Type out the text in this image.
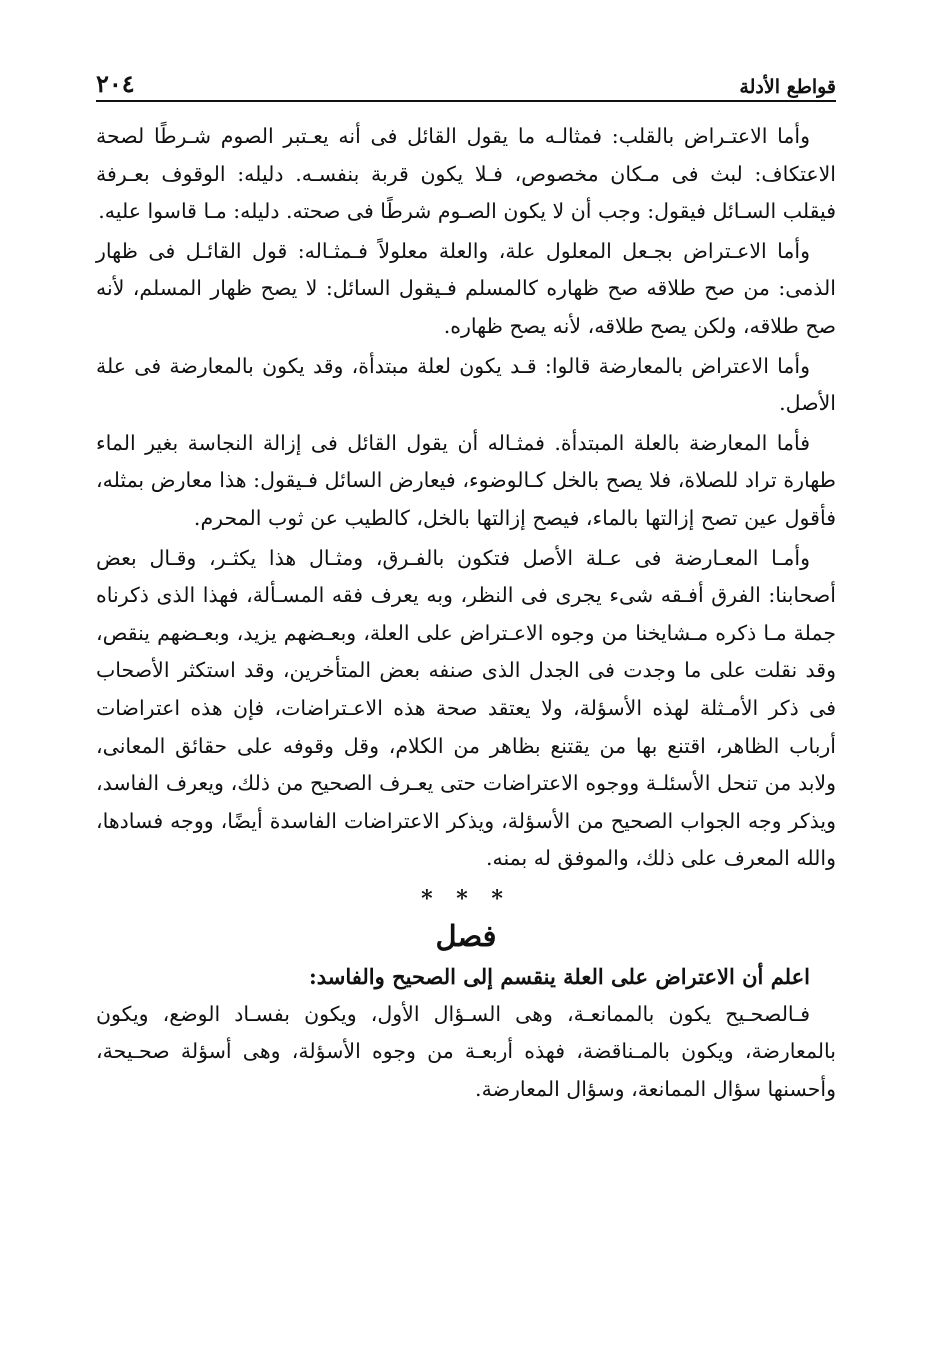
قواطع الأدلة
٢٠٤

وأما الاعتـراض بالقلب: فمثالـه ما يقول القائل فى أنه يعـتبر الصوم شـرطًا لصحة الاعتكاف: لبث فى مـكان مخصوص، فـلا يكون قربة بنفسـه. دليله: الوقوف بعـرفة فيقلب السـائل فيقول: وجب أن لا يكون الصـوم شرطًا فى صحته. دليله: مـا قاسوا عليه.

وأما الاعـتراض بجـعل المعلول علة، والعلة معلولاً فـمثـاله: قول القائـل فى ظهار الذمى: من صح طلاقه صح ظهاره كالمسلم فـيقول السائل: لا يصح ظهار المسلم، لأنه صح طلاقه، ولكن يصح طلاقه، لأنه يصح ظهاره.

وأما الاعتراض بالمعارضة قالوا: قـد يكون لعلة مبتدأة، وقد يكون بالمعارضة فى علة الأصل.

فأما المعارضة بالعلة المبتدأة. فمثـاله أن يقول القائل فى إزالة النجاسة بغير الماء طهارة تراد للصلاة، فلا يصح بالخل كـالوضوء، فيعارض السائل فـيقول: هذا معارض بمثله، فأقول عين تصح إزالتها بالماء، فيصح إزالتها بالخل، كالطيب عن ثوب المحرم.

وأمـا المعـارضة فى عـلة الأصل فتكون بالفـرق، ومثـال هذا يكثـر، وقـال بعض أصحابنا: الفرق أفـقه شىء يجرى فى النظر، وبه يعرف فقه المسـألة، فهذا الذى ذكرناه جملة مـا ذكره مـشايخنا من وجوه الاعـتراض على العلة، وبعـضهم يزيد، وبعـضهم ينقص، وقد نقلت على ما وجدت فى الجدل الذى صنفه بعض المتأخرين، وقد استكثر الأصحاب فى ذكر الأمـثلة لهذه الأسؤلة، ولا يعتقد صحة هذه الاعـتراضات، فإن هذه اعتراضات أرباب الظاهر، اقتنع بها من يقتنع بظاهر من الكلام، وقل وقوفه على حقائق المعانى، ولابد من تنحل الأسئلـة ووجوه الاعتراضات حتى يعـرف الصحيح من ذلك، ويعرف الفاسد، ويذكر وجه الجواب الصحيح من الأسؤلة، ويذكر الاعتراضات الفاسدة أيضًا، ووجه فسادها، والله المعرف على ذلك، والموفق له بمنه.

* * *
فصل
اعلم أن الاعتراض على العلة ينقسم إلى الصحيح والفاسد:

فـالصحـيح يكون بالممانعـة، وهى السـؤال الأول، ويكون بفسـاد الوضع، ويكون بالمعارضة، ويكون بالمـناقضة، فهذه أربعـة من وجوه الأسؤلة، وهى أسؤلة صحـيحة، وأحسنها سؤال الممانعة، وسؤال المعارضة.
